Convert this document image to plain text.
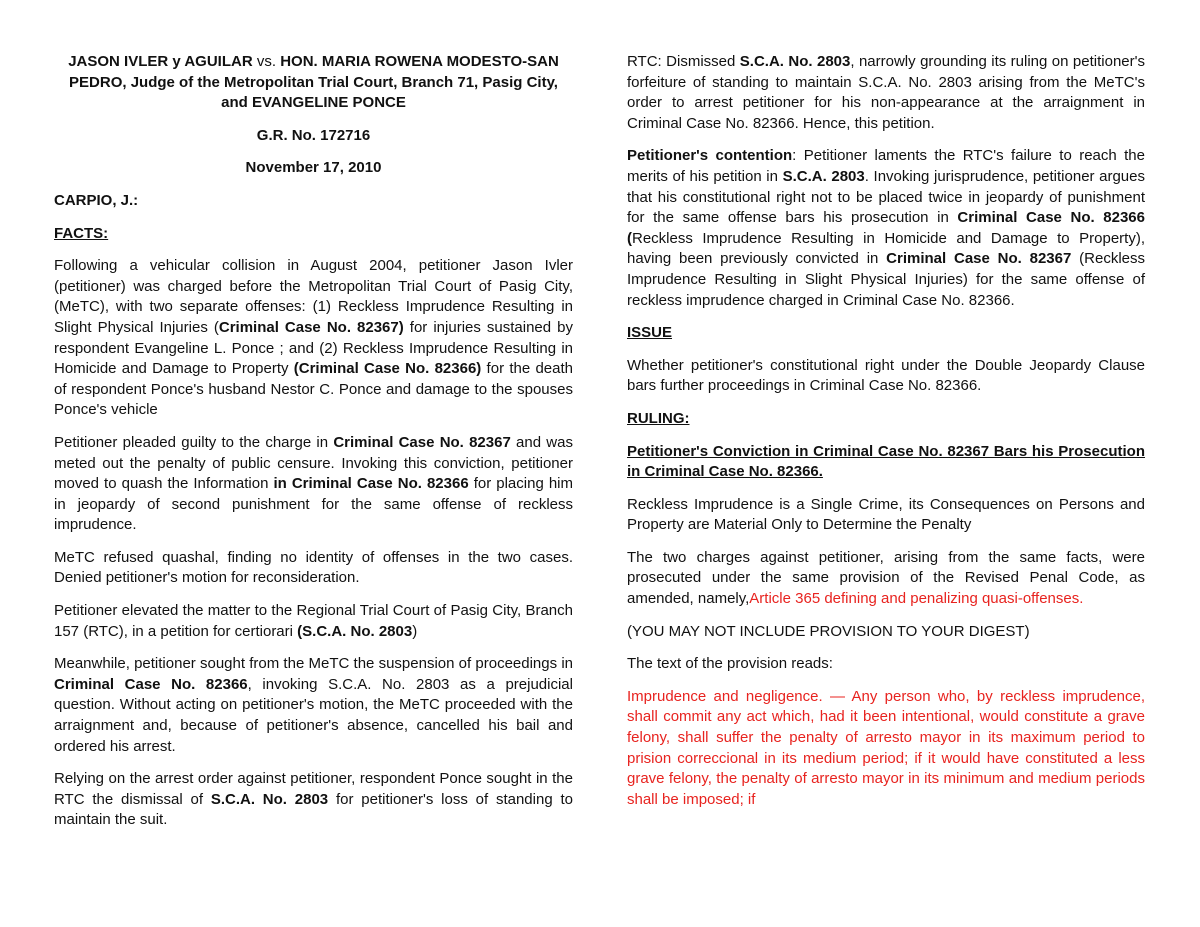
JASON IVLER y AGUILAR vs. HON. MARIA ROWENA MODESTO-SAN PEDRO, Judge of the Metropolitan Trial Court, Branch 71, Pasig City, and EVANGELINE PONCE

G.R. No. 172716

November 17, 2010

CARPIO, J.:

FACTS:

Following a vehicular collision in August 2004, petitioner Jason Ivler (petitioner) was charged before the Metropolitan Trial Court of Pasig City, (MeTC), with two separate offenses: (1) Reckless Imprudence Resulting in Slight Physical Injuries (Criminal Case No. 82367) for injuries sustained by respondent Evangeline L. Ponce ; and (2) Reckless Imprudence Resulting in Homicide and Damage to Property (Criminal Case No. 82366) for the death of respondent Ponce's husband Nestor C. Ponce and damage to the spouses Ponce's vehicle

Petitioner pleaded guilty to the charge in Criminal Case No. 82367 and was meted out the penalty of public censure. Invoking this conviction, petitioner moved to quash the Information in Criminal Case No. 82366 for placing him in jeopardy of second punishment for the same offense of reckless imprudence.

MeTC refused quashal, finding no identity of offenses in the two cases. Denied petitioner's motion for reconsideration.

Petitioner elevated the matter to the Regional Trial Court of Pasig City, Branch 157 (RTC), in a petition for certiorari (S.C.A. No. 2803)

Meanwhile, petitioner sought from the MeTC the suspension of proceedings in Criminal Case No. 82366, invoking S.C.A. No. 2803 as a prejudicial question. Without acting on petitioner's motion, the MeTC proceeded with the arraignment and, because of petitioner's absence, cancelled his bail and ordered his arrest.

Relying on the arrest order against petitioner, respondent Ponce sought in the RTC the dismissal of S.C.A. No. 2803 for petitioner's loss of standing to maintain the suit.

RTC: Dismissed S.C.A. No. 2803, narrowly grounding its ruling on petitioner's forfeiture of standing to maintain S.C.A. No. 2803 arising from the MeTC's order to arrest petitioner for his non-appearance at the arraignment in Criminal Case No. 82366. Hence, this petition.

Petitioner's contention: Petitioner laments the RTC's failure to reach the merits of his petition in S.C.A. 2803. Invoking jurisprudence, petitioner argues that his constitutional right not to be placed twice in jeopardy of punishment for the same offense bars his prosecution in Criminal Case No. 82366 (Reckless Imprudence Resulting in Homicide and Damage to Property), having been previously convicted in Criminal Case No. 82367 (Reckless Imprudence Resulting in Slight Physical Injuries) for the same offense of reckless imprudence charged in Criminal Case No. 82366.

ISSUE

Whether petitioner's constitutional right under the Double Jeopardy Clause bars further proceedings in Criminal Case No. 82366.

RULING:

Petitioner's Conviction in Criminal Case No. 82367 Bars his Prosecution in Criminal Case No. 82366.

Reckless Imprudence is a Single Crime, its Consequences on Persons and Property are Material Only to Determine the Penalty

The two charges against petitioner, arising from the same facts, were prosecuted under the same provision of the Revised Penal Code, as amended, namely,Article 365 defining and penalizing quasi-offenses.

(YOU MAY NOT INCLUDE PROVISION TO YOUR DIGEST)

The text of the provision reads:

Imprudence and negligence. — Any person who, by reckless imprudence, shall commit any act which, had it been intentional, would constitute a grave felony, shall suffer the penalty of arresto mayor in its maximum period to prision correccional in its medium period; if it would have constituted a less grave felony, the penalty of arresto mayor in its minimum and medium periods shall be imposed; if
